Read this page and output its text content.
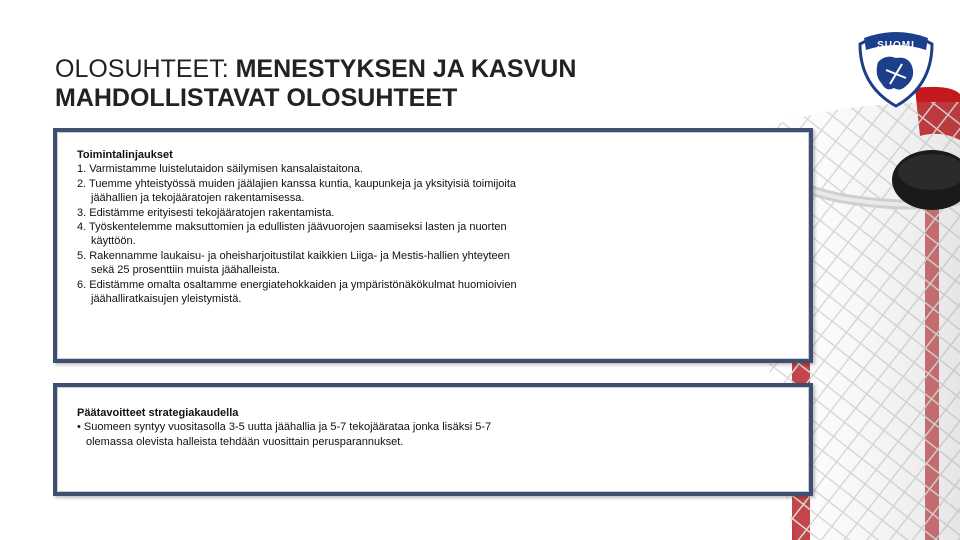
OLOSUHTEET: MENESTYKSEN JA KASVUN
MAHDOLLISTAVAT OLOSUHTEET
SUOMI
Toimintalinjaukset
1. Varmistamme luistelutaidon säilymisen kansalaistaitona.
2. Tuemme yhteistyössä muiden jäälajien kanssa kuntia, kaupunkeja ja yksityisiä toimijoita jäähallien ja tekojääratojen rakentamisessa.
3. Edistämme erityisesti tekojääratojen rakentamista.
4. Työskentelemme maksuttomien ja edullisten jäävuorojen saamiseksi lasten ja nuorten käyttöön.
5. Rakennamme laukaisu- ja oheisharjoitustilat kaikkien Liiga- ja Mestis-hallien yhteyteen sekä 25 prosenttiin muista jäähalleista.
6. Edistämme omalta osaltamme energiatehokkaiden ja ympäristönäkökulmat huomioivien jäähalliratkaisujen yleistymistä.
Päätavoitteet strategiakaudella
• Suomeen syntyy vuositasolla 3-5 uutta jäähallia ja 5-7 tekojäärataa jonka lisäksi 5-7 olemassa olevista halleista tehdään vuosittain perusparannukset.
